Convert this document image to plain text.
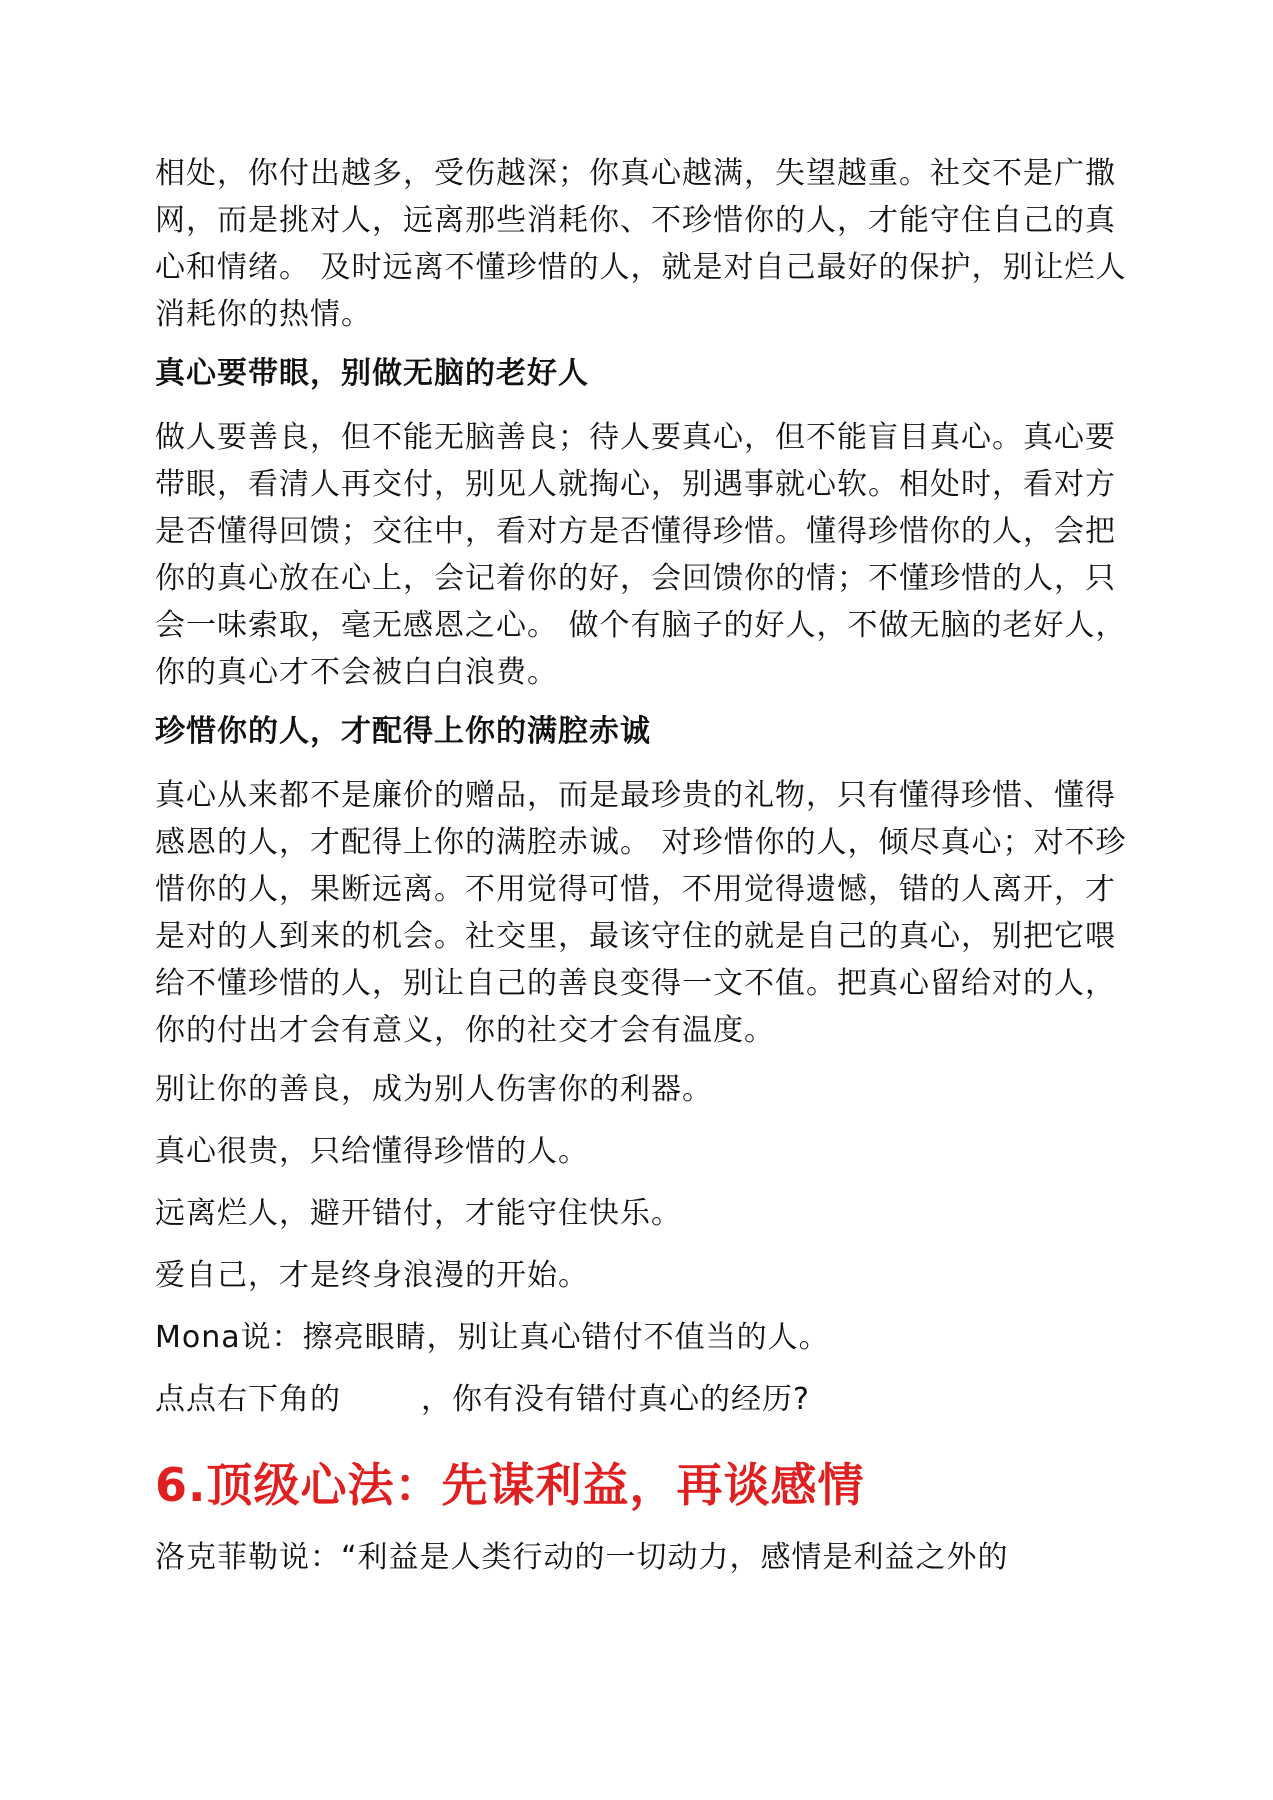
相处，你付出越多，受伤越深；你真心越满，失望越重。社交不是广撒网，而是挑对人，远离那些消耗你、不珍惜你的人，才能守住自己的真心和情绪。 及时远离不懂珍惜的人，就是对自己最好的保护，别让烂人消耗你的热情。

真心要带眼，别做无脑的老好人

做人要善良，但不能无脑善良；待人要真心，但不能盲目真心。真心要带眼，看清人再交付，别见人就掏心，别遇事就心软。相处时，看对方是否懂得回馈；交往中，看对方是否懂得珍惜。懂得珍惜你的人，会把你的真心放在心上，会记着你的好，会回馈你的情；不懂珍惜的人，只会一味索取，毫无感恩之心。 做个有脑子的好人，不做无脑的老好人，你的真心才不会被白白浪费。

珍惜你的人，才配得上你的满腔赤诚

真心从来都不是廉价的赠品，而是最珍贵的礼物，只有懂得珍惜、懂得感恩的人，才配得上你的满腔赤诚。 对珍惜你的人，倾尽真心；对不珍惜你的人，果断远离。不用觉得可惜，不用觉得遗憾，错的人离开，才是对的人到来的机会。社交里，最该守住的就是自己的真心，别把它喂给不懂珍惜的人，别让自己的善良变得一文不值。把真心留给对的人，你的付出才会有意义，你的社交才会有温度。

别让你的善良，成为别人伤害你的利器。
真心很贵，只给懂得珍惜的人。
远离烂人，避开错付，才能守住快乐。
爱自己，才是终身浪漫的开始。
Mona说：擦亮眼睛，别让真心错付不值当的人。
点点右下角的	，你有没有错付真心的经历?
6.顶级心法：先谋利益，再谈感情

洛克菲勒说：“利益是人类行动的一切动力，感情是利益之外的
